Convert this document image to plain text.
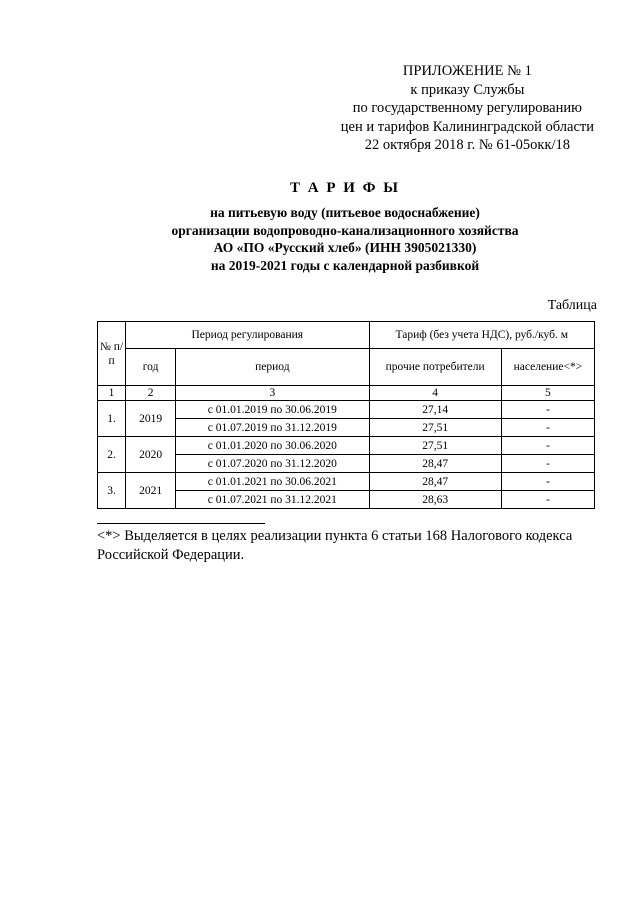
ПРИЛОЖЕНИЕ № 1
к приказу Службы
по государственному регулированию
цен и тарифов Калининградской области
22 октября 2018 г. № 61-05окк/18
Т А Р И Ф Ы
на питьевую воду (питьевое водоснабжение)
организации водопроводно-канализационного хозяйства
АО «ПО «Русский хлеб» (ИНН 3905021330)
на 2019-2021 годы с календарной разбивкой
Таблица
№ п/п	Период регулирования		Тариф (без учета НДС), руб./куб. м	
	год	период	прочие потребители	население<*>
1	2	3	4	5
1.	2019	с 01.01.2019 по 30.06.2019	27,14	-
		с 01.07.2019 по 31.12.2019	27,51	-
2.	2020	с 01.01.2020 по 30.06.2020	27,51	-
		с 01.07.2020 по 31.12.2020	28,47	-
3.	2021	с 01.01.2021 по 30.06.2021	28,47	-
		с 01.07.2021 по 31.12.2021	28,63	-
<*> Выделяется в целях реализации пункта 6 статьи 168 Налогового кодекса Российской Федерации.
